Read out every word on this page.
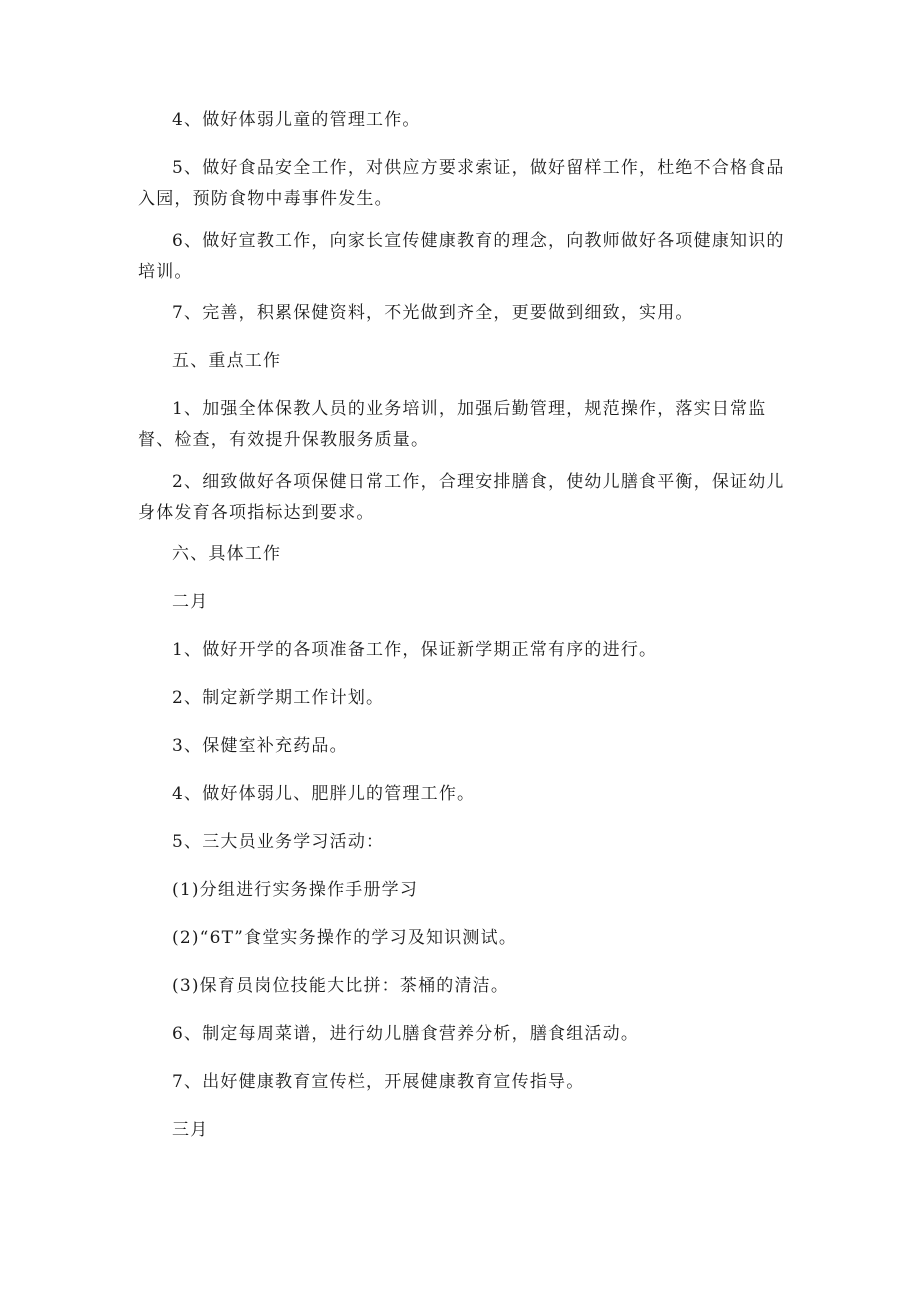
4、做好体弱儿童的管理工作。

5、做好食品安全工作，对供应方要求索证，做好留样工作，杜绝不合格食品入园，预防食物中毒事件发生。

6、做好宣教工作，向家长宣传健康教育的理念，向教师做好各项健康知识的培训。

7、完善，积累保健资料，不光做到齐全，更要做到细致，实用。

五、重点工作

1、加强全体保教人员的业务培训，加强后勤管理，规范操作，落实日常监督、检查，有效提升保教服务质量。

2、细致做好各项保健日常工作，合理安排膳食，使幼儿膳食平衡，保证幼儿身体发育各项指标达到要求。

六、具体工作

二月

1、做好开学的各项准备工作，保证新学期正常有序的进行。

2、制定新学期工作计划。

3、保健室补充药品。

4、做好体弱儿、肥胖儿的管理工作。

5、三大员业务学习活动：

(1)分组进行实务操作手册学习

(2)“6T”食堂实务操作的学习及知识测试。

(3)保育员岗位技能大比拼：茶桶的清洁。

6、制定每周菜谱，进行幼儿膳食营养分析，膳食组活动。

7、出好健康教育宣传栏，开展健康教育宣传指导。

三月
